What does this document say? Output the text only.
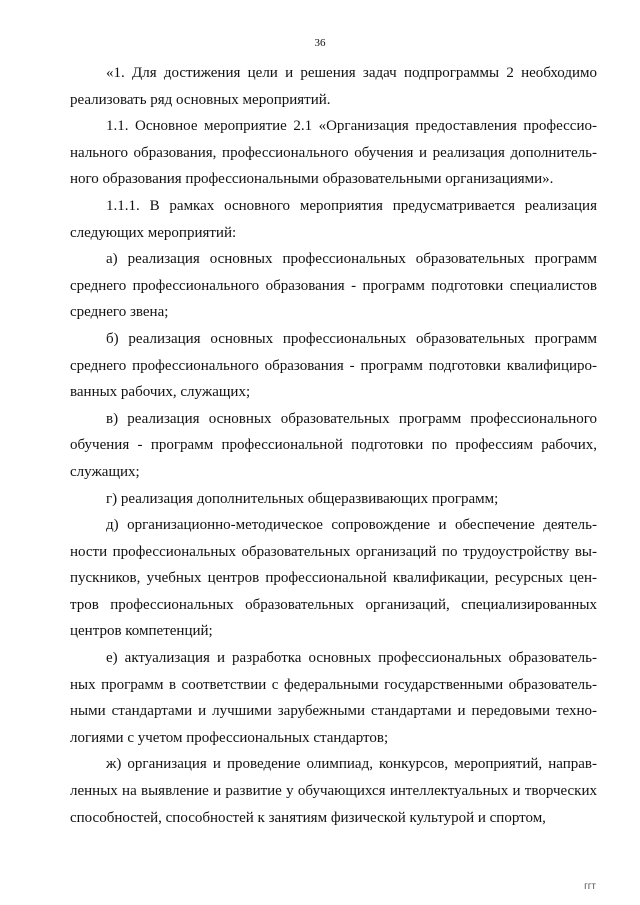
36

«1. Для достижения цели и решения задач подпрограммы 2 необходимо реализовать ряд основных мероприятий.

1.1. Основное мероприятие 2.1 «Организация предоставления профессионального образования, профессионального обучения и реализация дополнительного образования профессиональными образовательными организациями».

1.1.1. В рамках основного мероприятия предусматривается реализация следующих мероприятий:

а) реализация основных профессиональных образовательных программ среднего профессионального образования - программ подготовки специалистов среднего звена;

б) реализация основных профессиональных образовательных программ среднего профессионального образования - программ подготовки квалифицированных рабочих, служащих;

в) реализация основных образовательных программ профессионального обучения - программ профессиональной подготовки по профессиям рабочих, служащих;

г) реализация дополнительных общеразвивающих программ;

д) организационно-методическое сопровождение и обеспечение деятельности профессиональных образовательных организаций по трудоустройству выпускников, учебных центров профессиональной квалификации, ресурсных центров профессиональных образовательных организаций, специализированных центров компетенций;

е) актуализация и разработка основных профессиональных образовательных программ в соответствии с федеральными государственными образовательными стандартами и лучшими зарубежными стандартами и передовыми технологиями с учетом профессиональных стандартов;

ж) организация и проведение олимпиад, конкурсов, мероприятий, направленных на выявление и развитие у обучающихся интеллектуальных и творческих способностей, способностей к занятиям физической культурой и спортом,

ггт
